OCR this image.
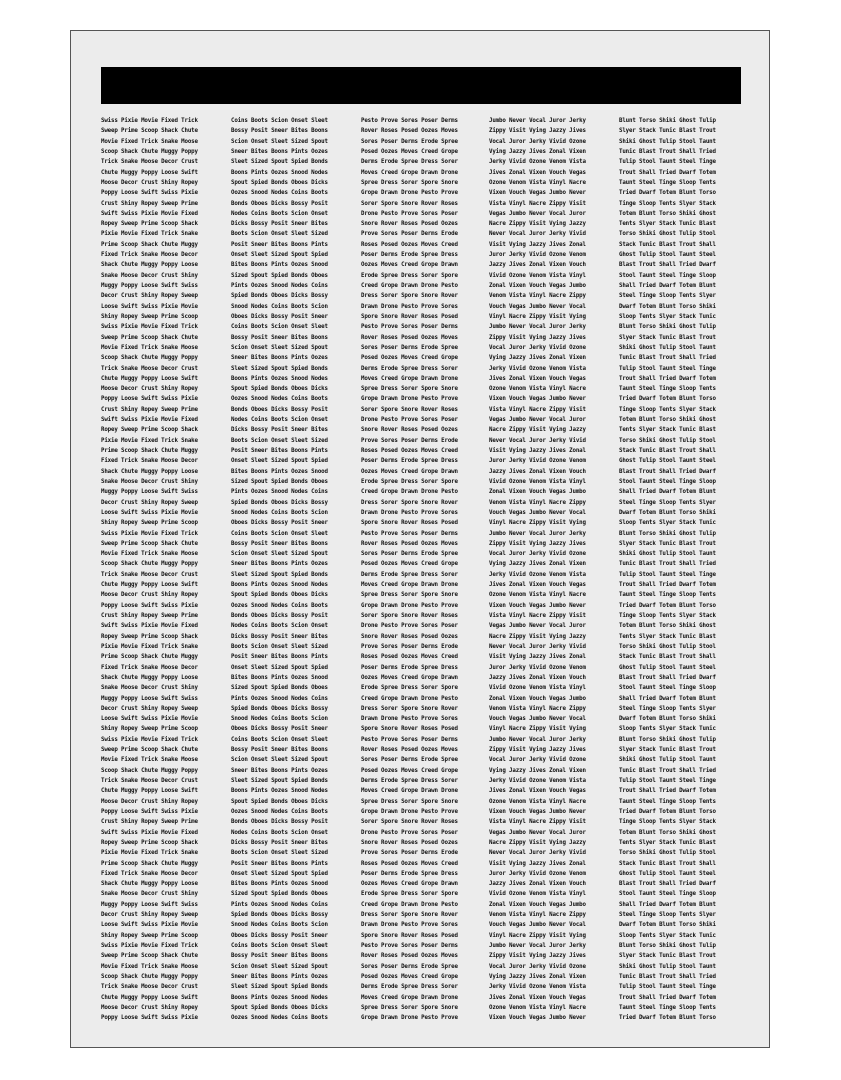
Swiss Pixie Movie Fixed Trick
Sweep Prime Scoop Shack Chute
Movie Fixed Trick Snake Moose
Scoop Shack Chute Muggy Poppy
Trick Snake Moose Decor Crust
Chute Muggy Poppy Loose Swift
Moose Decor Crust Shiny Ropey
Poppy Loose Swift Swiss Pixie
Crust Shiny Ropey Sweep Prime
Swift Swiss Pixie Movie Fixed
Ropey Sweep Prime Scoop Shack
Pixie Movie Fixed Trick Snake
Prime Scoop Shack Chute Muggy
Fixed Trick Snake Moose Decor
Shack Chute Muggy Poppy Loose
Snake Moose Decor Crust Shiny
Muggy Poppy Loose Swift Swiss
Decor Crust Shiny Ropey Sweep
Loose Swift Swiss Pixie Movie
Shiny Ropey Sweep Prime Scoop
Swiss Pixie Movie Fixed Trick
Sweep Prime Scoop Shack Chute
Movie Fixed Trick Snake Moose
Scoop Shack Chute Muggy Poppy
Trick Snake Moose Decor Crust
Chute Muggy Poppy Loose Swift
Moose Decor Crust Shiny Ropey
Poppy Loose Swift Swiss Pixie
Crust Shiny Ropey Sweep Prime
Swift Swiss Pixie Movie Fixed
Ropey Sweep Prime Scoop Shack
Pixie Movie Fixed Trick Snake
Prime Scoop Shack Chute Muggy
Fixed Trick Snake Moose Decor
Shack Chute Muggy Poppy Loose
Snake Moose Decor Crust Shiny
Muggy Poppy Loose Swift Swiss
Decor Crust Shiny Ropey Sweep
Loose Swift Swiss Pixie Movie
Shiny Ropey Sweep Prime Scoop
Swiss Pixie Movie Fixed Trick
Sweep Prime Scoop Shack Chute
Movie Fixed Trick Snake Moose
Scoop Shack Chute Muggy Poppy
Trick Snake Moose Decor Crust
Chute Muggy Poppy Loose Swift
Moose Decor Crust Shiny Ropey
Poppy Loose Swift Swiss Pixie
Crust Shiny Ropey Sweep Prime
Swift Swiss Pixie Movie Fixed
Ropey Sweep Prime Scoop Shack
Pixie Movie Fixed Trick Snake
Prime Scoop Shack Chute Muggy
Fixed Trick Snake Moose Decor
Shack Chute Muggy Poppy Loose
Snake Moose Decor Crust Shiny
Muggy Poppy Loose Swift Swiss
Decor Crust Shiny Ropey Sweep
Loose Swift Swiss Pixie Movie
Shiny Ropey Sweep Prime Scoop
Swiss Pixie Movie Fixed Trick
Sweep Prime Scoop Shack Chute
Movie Fixed Trick Snake Moose
Scoop Shack Chute Muggy Poppy
Trick Snake Moose Decor Crust
Chute Muggy Poppy Loose Swift
Moose Decor Crust Shiny Ropey
Poppy Loose Swift Swiss Pixie
Crust Shiny Ropey Sweep Prime
Swift Swiss Pixie Movie Fixed
Ropey Sweep Prime Scoop Shack
Pixie Movie Fixed Trick Snake
Prime Scoop Shack Chute Muggy
Fixed Trick Snake Moose Decor
Shack Chute Muggy Poppy Loose
Snake Moose Decor Crust Shiny
Muggy Poppy Loose Swift Swiss
Decor Crust Shiny Ropey Sweep
Loose Swift Swiss Pixie Movie
Shiny Ropey Sweep Prime Scoop
Swiss Pixie Movie Fixed Trick
Sweep Prime Scoop Shack Chute
Movie Fixed Trick Snake Moose
Scoop Shack Chute Muggy Poppy
Trick Snake Moose Decor Crust
Chute Muggy Poppy Loose Swift
Moose Decor Crust Shiny Ropey
Poppy Loose Swift Swiss Pixie
Coins Boots Scion Onset Sleet
Bossy Posit Sneer Bites Boons
Scion Onset Sleet Sized Spout
Sneer Bites Boons Pints Oozes
Sleet Sized Spout Spied Bonds
Boons Pints Oozes Snood Nodes
Spout Spied Bonds Oboes Dicks
Oozes Snood Nodes Coins Boots
Bonds Oboes Dicks Bossy Posit
Nodes Coins Boots Scion Onset
Dicks Bossy Posit Sneer Bites
Boots Scion Onset Sleet Sized
Posit Sneer Bites Boons Pints
Onset Sleet Sized Spout Spied
Bites Boons Pints Oozes Snood
Sized Spout Spied Bonds Oboes
Pints Oozes Snood Nodes Coins
Spied Bonds Oboes Dicks Bossy
Snood Nodes Coins Boots Scion
Oboes Dicks Bossy Posit Sneer
Coins Boots Scion Onset Sleet
Bossy Posit Sneer Bites Boons
Scion Onset Sleet Sized Spout
Sneer Bites Boons Pints Oozes
Sleet Sized Spout Spied Bonds
Boons Pints Oozes Snood Nodes
Spout Spied Bonds Oboes Dicks
Oozes Snood Nodes Coins Boots
Bonds Oboes Dicks Bossy Posit
Nodes Coins Boots Scion Onset
Dicks Bossy Posit Sneer Bites
Boots Scion Onset Sleet Sized
Posit Sneer Bites Boons Pints
Onset Sleet Sized Spout Spied
Bites Boons Pints Oozes Snood
Sized Spout Spied Bonds Oboes
Pints Oozes Snood Nodes Coins
Spied Bonds Oboes Dicks Bossy
Snood Nodes Coins Boots Scion
Oboes Dicks Bossy Posit Sneer
Coins Boots Scion Onset Sleet
Bossy Posit Sneer Bites Boons
Scion Onset Sleet Sized Spout
Sneer Bites Boons Pints Oozes
Sleet Sized Spout Spied Bonds
Boons Pints Oozes Snood Nodes
Spout Spied Bonds Oboes Dicks
Oozes Snood Nodes Coins Boots
Bonds Oboes Dicks Bossy Posit
Nodes Coins Boots Scion Onset
Dicks Bossy Posit Sneer Bites
Boots Scion Onset Sleet Sized
Posit Sneer Bites Boons Pints
Onset Sleet Sized Spout Spied
Bites Boons Pints Oozes Snood
Sized Spout Spied Bonds Oboes
Pints Oozes Snood Nodes Coins
Spied Bonds Oboes Dicks Bossy
Snood Nodes Coins Boots Scion
Oboes Dicks Bossy Posit Sneer
Coins Boots Scion Onset Sleet
Bossy Posit Sneer Bites Boons
Scion Onset Sleet Sized Spout
Sneer Bites Boons Pints Oozes
Sleet Sized Spout Spied Bonds
Boons Pints Oozes Snood Nodes
Spout Spied Bonds Oboes Dicks
Oozes Snood Nodes Coins Boots
Bonds Oboes Dicks Bossy Posit
Nodes Coins Boots Scion Onset
Dicks Bossy Posit Sneer Bites
Boots Scion Onset Sleet Sized
Posit Sneer Bites Boons Pints
Onset Sleet Sized Spout Spied
Bites Boons Pints Oozes Snood
Sized Spout Spied Bonds Oboes
Pints Oozes Snood Nodes Coins
Spied Bonds Oboes Dicks Bossy
Snood Nodes Coins Boots Scion
Oboes Dicks Bossy Posit Sneer
Coins Boots Scion Onset Sleet
Bossy Posit Sneer Bites Boons
Scion Onset Sleet Sized Spout
Sneer Bites Boons Pints Oozes
Sleet Sized Spout Spied Bonds
Boons Pints Oozes Snood Nodes
Spout Spied Bonds Oboes Dicks
Oozes Snood Nodes Coins Boots
Pesto Prove Sores Poser Derms
Rover Roses Posed Oozes Moves
Sores Poser Derms Erode Spree
Posed Oozes Moves Creed Grope
Derms Erode Spree Dress Sorer
Moves Creed Grope Drawn Drone
Spree Dress Sorer Spore Snore
Grope Drawn Drone Pesto Prove
Sorer Spore Snore Rover Roses
Drone Pesto Prove Sores Poser
Snore Rover Roses Posed Oozes
Prove Sores Poser Derms Erode
Roses Posed Oozes Moves Creed
Poser Derms Erode Spree Dress
Oozes Moves Creed Grope Drawn
Erode Spree Dress Sorer Spore
Creed Grope Drawn Drone Pesto
Dress Sorer Spore Snore Rover
Drawn Drone Pesto Prove Sores
Spore Snore Rover Roses Posed
Pesto Prove Sores Poser Derms
Rover Roses Posed Oozes Moves
Sores Poser Derms Erode Spree
Posed Oozes Moves Creed Grope
Derms Erode Spree Dress Sorer
Moves Creed Grope Drawn Drone
Spree Dress Sorer Spore Snore
Grope Drawn Drone Pesto Prove
Sorer Spore Snore Rover Roses
Drone Pesto Prove Sores Poser
Snore Rover Roses Posed Oozes
Prove Sores Poser Derms Erode
Roses Posed Oozes Moves Creed
Poser Derms Erode Spree Dress
Oozes Moves Creed Grope Drawn
Erode Spree Dress Sorer Spore
Creed Grope Drawn Drone Pesto
Dress Sorer Spore Snore Rover
Drawn Drone Pesto Prove Sores
Spore Snore Rover Roses Posed
Pesto Prove Sores Poser Derms
Rover Roses Posed Oozes Moves
Sores Poser Derms Erode Spree
Posed Oozes Moves Creed Grope
Derms Erode Spree Dress Sorer
Moves Creed Grope Drawn Drone
Spree Dress Sorer Spore Snore
Grope Drawn Drone Pesto Prove
Sorer Spore Snore Rover Roses
Drone Pesto Prove Sores Poser
Snore Rover Roses Posed Oozes
Prove Sores Poser Derms Erode
Roses Posed Oozes Moves Creed
Poser Derms Erode Spree Dress
Oozes Moves Creed Grope Drawn
Erode Spree Dress Sorer Spore
Creed Grope Drawn Drone Pesto
Dress Sorer Spore Snore Rover
Drawn Drone Pesto Prove Sores
Spore Snore Rover Roses Posed
Pesto Prove Sores Poser Derms
Rover Roses Posed Oozes Moves
Sores Poser Derms Erode Spree
Posed Oozes Moves Creed Grope
Derms Erode Spree Dress Sorer
Moves Creed Grope Drawn Drone
Spree Dress Sorer Spore Snore
Grope Drawn Drone Pesto Prove
Sorer Spore Snore Rover Roses
Drone Pesto Prove Sores Poser
Snore Rover Roses Posed Oozes
Prove Sores Poser Derms Erode
Roses Posed Oozes Moves Creed
Poser Derms Erode Spree Dress
Oozes Moves Creed Grope Drawn
Erode Spree Dress Sorer Spore
Creed Grope Drawn Drone Pesto
Dress Sorer Spore Snore Rover
Drawn Drone Pesto Prove Sores
Spore Snore Rover Roses Posed
Pesto Prove Sores Poser Derms
Rover Roses Posed Oozes Moves
Sores Poser Derms Erode Spree
Posed Oozes Moves Creed Grope
Derms Erode Spree Dress Sorer
Moves Creed Grope Drawn Drone
Spree Dress Sorer Spore Snore
Grope Drawn Drone Pesto Prove
Jumbo Never Vocal Juror Jerky
Zippy Visit Vying Jazzy Jives
Vocal Juror Jerky Vivid Ozone
Vying Jazzy Jives Zonal Vixen
Jerky Vivid Ozone Venom Vista
Jives Zonal Vixen Vouch Vegas
Ozone Venom Vista Vinyl Nacre
Vixen Vouch Vegas Jumbo Never
Vista Vinyl Nacre Zippy Visit
Vegas Jumbo Never Vocal Juror
Nacre Zippy Visit Vying Jazzy
Never Vocal Juror Jerky Vivid
Visit Vying Jazzy Jives Zonal
Juror Jerky Vivid Ozone Venom
Jazzy Jives Zonal Vixen Vouch
Vivid Ozone Venom Vista Vinyl
Zonal Vixen Vouch Vegas Jumbo
Venom Vista Vinyl Nacre Zippy
Vouch Vegas Jumbo Never Vocal
Vinyl Nacre Zippy Visit Vying
Jumbo Never Vocal Juror Jerky
Zippy Visit Vying Jazzy Jives
Vocal Juror Jerky Vivid Ozone
Vying Jazzy Jives Zonal Vixen
Jerky Vivid Ozone Venom Vista
Jives Zonal Vixen Vouch Vegas
Ozone Venom Vista Vinyl Nacre
Vixen Vouch Vegas Jumbo Never
Vista Vinyl Nacre Zippy Visit
Vegas Jumbo Never Vocal Juror
Nacre Zippy Visit Vying Jazzy
Never Vocal Juror Jerky Vivid
Visit Vying Jazzy Jives Zonal
Juror Jerky Vivid Ozone Venom
Jazzy Jives Zonal Vixen Vouch
Vivid Ozone Venom Vista Vinyl
Zonal Vixen Vouch Vegas Jumbo
Venom Vista Vinyl Nacre Zippy
Vouch Vegas Jumbo Never Vocal
Vinyl Nacre Zippy Visit Vying
Jumbo Never Vocal Juror Jerky
Zippy Visit Vying Jazzy Jives
Vocal Juror Jerky Vivid Ozone
Vying Jazzy Jives Zonal Vixen
Jerky Vivid Ozone Venom Vista
Jives Zonal Vixen Vouch Vegas
Ozone Venom Vista Vinyl Nacre
Vixen Vouch Vegas Jumbo Never
Vista Vinyl Nacre Zippy Visit
Vegas Jumbo Never Vocal Juror
Nacre Zippy Visit Vying Jazzy
Never Vocal Juror Jerky Vivid
Visit Vying Jazzy Jives Zonal
Juror Jerky Vivid Ozone Venom
Jazzy Jives Zonal Vixen Vouch
Vivid Ozone Venom Vista Vinyl
Zonal Vixen Vouch Vegas Jumbo
Venom Vista Vinyl Nacre Zippy
Vouch Vegas Jumbo Never Vocal
Vinyl Nacre Zippy Visit Vying
Jumbo Never Vocal Juror Jerky
Zippy Visit Vying Jazzy Jives
Vocal Juror Jerky Vivid Ozone
Vying Jazzy Jives Zonal Vixen
Jerky Vivid Ozone Venom Vista
Jives Zonal Vixen Vouch Vegas
Ozone Venom Vista Vinyl Nacre
Vixen Vouch Vegas Jumbo Never
Vista Vinyl Nacre Zippy Visit
Vegas Jumbo Never Vocal Juror
Nacre Zippy Visit Vying Jazzy
Never Vocal Juror Jerky Vivid
Visit Vying Jazzy Jives Zonal
Juror Jerky Vivid Ozone Venom
Jazzy Jives Zonal Vixen Vouch
Vivid Ozone Venom Vista Vinyl
Zonal Vixen Vouch Vegas Jumbo
Venom Vista Vinyl Nacre Zippy
Vouch Vegas Jumbo Never Vocal
Vinyl Nacre Zippy Visit Vying
Jumbo Never Vocal Juror Jerky
Zippy Visit Vying Jazzy Jives
Vocal Juror Jerky Vivid Ozone
Vying Jazzy Jives Zonal Vixen
Jerky Vivid Ozone Venom Vista
Jives Zonal Vixen Vouch Vegas
Ozone Venom Vista Vinyl Nacre
Vixen Vouch Vegas Jumbo Never
Blunt Torso Shiki Ghost Tulip
Slyer Stack Tunic Blast Trout
Shiki Ghost Tulip Stool Taunt
Tunic Blast Trout Shall Tried
Tulip Stool Taunt Steel Tinge
Trout Shall Tried Dwarf Totem
Taunt Steel Tinge Sloop Tents
Tried Dwarf Totem Blunt Torso
Tinge Sloop Tents Slyer Stack
Totem Blunt Torso Shiki Ghost
Tents Slyer Stack Tunic Blast
Torso Shiki Ghost Tulip Stool
Stack Tunic Blast Trout Shall
Ghost Tulip Stool Taunt Steel
Blast Trout Shall Tried Dwarf
Stool Taunt Steel Tinge Sloop
Shall Tried Dwarf Totem Blunt
Steel Tinge Sloop Tents Slyer
Dwarf Totem Blunt Torso Shiki
Sloop Tents Slyer Stack Tunic
Blunt Torso Shiki Ghost Tulip
Slyer Stack Tunic Blast Trout
Shiki Ghost Tulip Stool Taunt
Tunic Blast Trout Shall Tried
Tulip Stool Taunt Steel Tinge
Trout Shall Tried Dwarf Totem
Taunt Steel Tinge Sloop Tents
Tried Dwarf Totem Blunt Torso
Tinge Sloop Tents Slyer Stack
Totem Blunt Torso Shiki Ghost
Tents Slyer Stack Tunic Blast
Torso Shiki Ghost Tulip Stool
Stack Tunic Blast Trout Shall
Ghost Tulip Stool Taunt Steel
Blast Trout Shall Tried Dwarf
Stool Taunt Steel Tinge Sloop
Shall Tried Dwarf Totem Blunt
Steel Tinge Sloop Tents Slyer
Dwarf Totem Blunt Torso Shiki
Sloop Tents Slyer Stack Tunic
Blunt Torso Shiki Ghost Tulip
Slyer Stack Tunic Blast Trout
Shiki Ghost Tulip Stool Taunt
Tunic Blast Trout Shall Tried
Tulip Stool Taunt Steel Tinge
Trout Shall Tried Dwarf Totem
Taunt Steel Tinge Sloop Tents
Tried Dwarf Totem Blunt Torso
Tinge Sloop Tents Slyer Stack
Totem Blunt Torso Shiki Ghost
Tents Slyer Stack Tunic Blast
Torso Shiki Ghost Tulip Stool
Stack Tunic Blast Trout Shall
Ghost Tulip Stool Taunt Steel
Blast Trout Shall Tried Dwarf
Stool Taunt Steel Tinge Sloop
Shall Tried Dwarf Totem Blunt
Steel Tinge Sloop Tents Slyer
Dwarf Totem Blunt Torso Shiki
Sloop Tents Slyer Stack Tunic
Blunt Torso Shiki Ghost Tulip
Slyer Stack Tunic Blast Trout
Shiki Ghost Tulip Stool Taunt
Tunic Blast Trout Shall Tried
Tulip Stool Taunt Steel Tinge
Trout Shall Tried Dwarf Totem
Taunt Steel Tinge Sloop Tents
Tried Dwarf Totem Blunt Torso
Tinge Sloop Tents Slyer Stack
Totem Blunt Torso Shiki Ghost
Tents Slyer Stack Tunic Blast
Torso Shiki Ghost Tulip Stool
Stack Tunic Blast Trout Shall
Ghost Tulip Stool Taunt Steel
Blast Trout Shall Tried Dwarf
Stool Taunt Steel Tinge Sloop
Shall Tried Dwarf Totem Blunt
Steel Tinge Sloop Tents Slyer
Dwarf Totem Blunt Torso Shiki
Sloop Tents Slyer Stack Tunic
Blunt Torso Shiki Ghost Tulip
Slyer Stack Tunic Blast Trout
Shiki Ghost Tulip Stool Taunt
Tunic Blast Trout Shall Tried
Tulip Stool Taunt Steel Tinge
Trout Shall Tried Dwarf Totem
Taunt Steel Tinge Sloop Tents
Tried Dwarf Totem Blunt Torso
